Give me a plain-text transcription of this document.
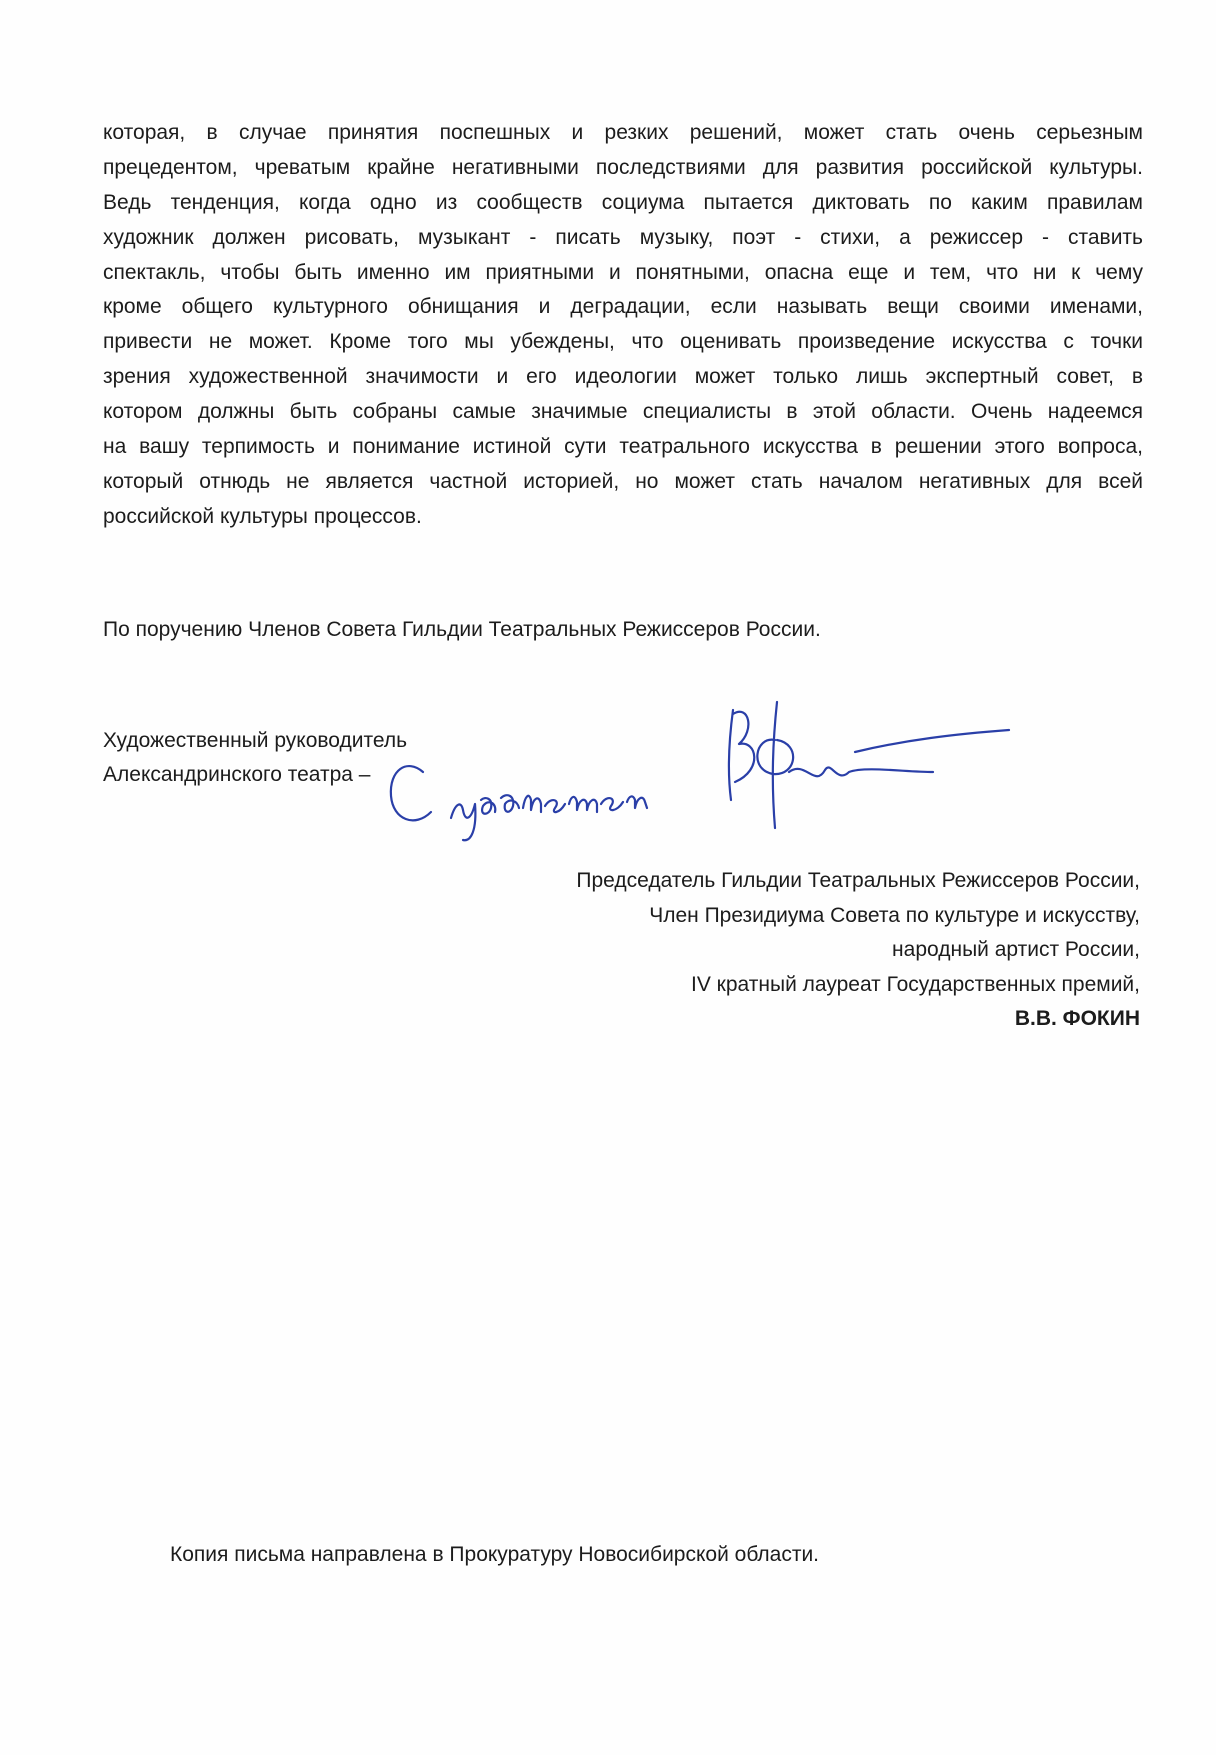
которая, в случае принятия поспешных и резких решений, может стать очень серьезным
прецедентом, чреватым крайне негативными последствиями для развития российской культуры.
Ведь тенденция, когда одно из сообществ социума пытается диктовать по каким правилам
художник должен рисовать, музыкант - писать музыку, поэт - стихи, а режиссер - ставить
спектакль, чтобы быть именно им приятными и понятными, опасна еще и тем, что ни к чему
кроме общего культурного обнищания и деградации, если называть вещи своими именами,
привести не может. Кроме того мы убеждены, что оценивать произведение искусства с точки
зрения художественной значимости и его идеологии может только лишь экспертный совет, в
котором должны быть собраны самые значимые специалисты в этой области. Очень надеемся
на вашу терпимость и понимание истиной сути театрального искусства в решении этого вопроса,
который отнюдь не является частной историей, но может стать началом негативных для всей
российской культуры процессов.
По поручению Членов Совета Гильдии Театральных Режиссеров России.
Художественный руководитель
Александринского театра –
Председатель Гильдии Театральных Режиссеров России,
Член Президиума Совета по культуре и искусству,
народный артист России,
IV кратный лауреат Государственных премий,
В.В. ФОКИН
Копия письма направлена в Прокуратуру Новосибирской области.
